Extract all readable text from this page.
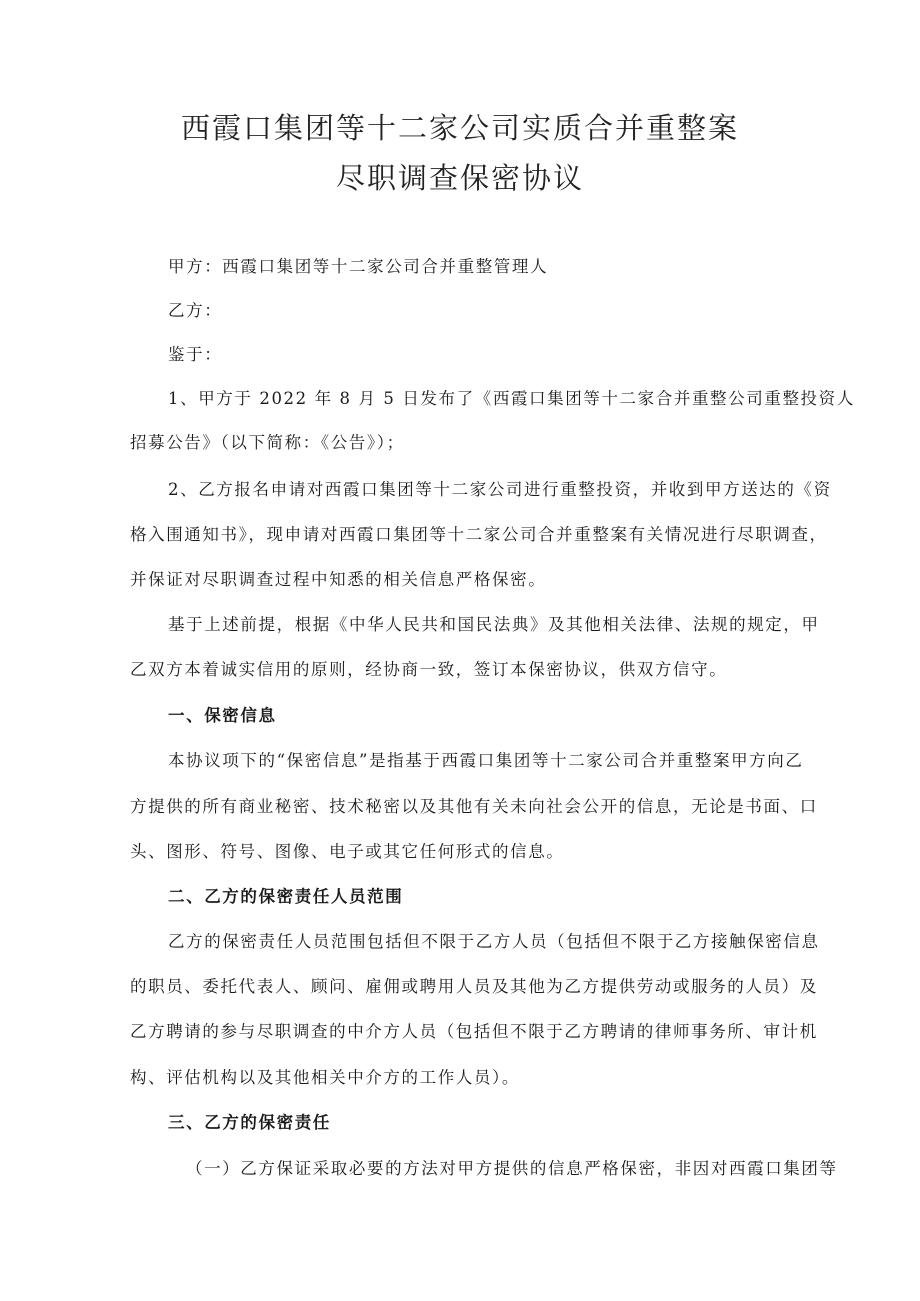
西霞口集团等十二家公司实质合并重整案
尽职调查保密协议
甲方：西霞口集团等十二家公司合并重整管理人
乙方：
鉴于：
1、甲方于 2022 年 8 月 5 日发布了《西霞口集团等十二家合并重整公司重整投资人
招募公告》（以下简称：《公告》）；
2、乙方报名申请对西霞口集团等十二家公司进行重整投资，并收到甲方送达的《资
格入围通知书》，现申请对西霞口集团等十二家公司合并重整案有关情况进行尽职调查，
并保证对尽职调查过程中知悉的相关信息严格保密。
基于上述前提，根据《中华人民共和国民法典》及其他相关法律、法规的规定，甲
乙双方本着诚实信用的原则，经协商一致，签订本保密协议，供双方信守。
一、保密信息
本协议项下的“保密信息”是指基于西霞口集团等十二家公司合并重整案甲方向乙
方提供的所有商业秘密、技术秘密以及其他有关未向社会公开的信息，无论是书面、口
头、图形、符号、图像、电子或其它任何形式的信息。
二、乙方的保密责任人员范围
乙方的保密责任人员范围包括但不限于乙方人员（包括但不限于乙方接触保密信息
的职员、委托代表人、顾问、雇佣或聘用人员及其他为乙方提供劳动或服务的人员）及
乙方聘请的参与尽职调查的中介方人员（包括但不限于乙方聘请的律师事务所、审计机
构、评估机构以及其他相关中介方的工作人员）。
三、乙方的保密责任
（一）乙方保证采取必要的方法对甲方提供的信息严格保密，非因对西霞口集团等
